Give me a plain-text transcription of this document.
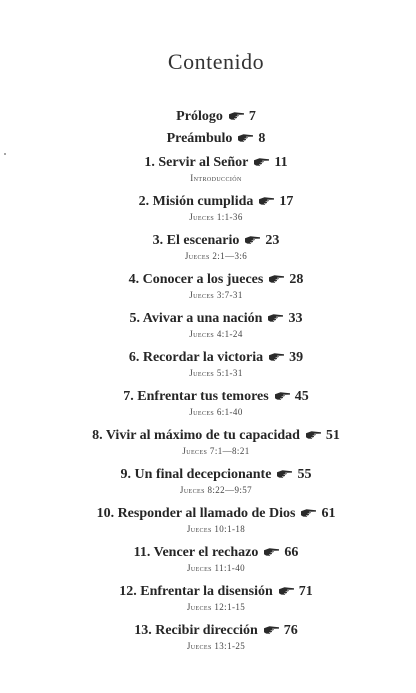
Contenido
Prólogo 7
Preámbulo 8
1. Servir al Señor 11
Introducción
2. Misión cumplida 17
Jueces 1:1-36
3. El escenario 23
Jueces 2:1—3:6
4. Conocer a los jueces 28
Jueces 3:7-31
5. Avivar a una nación 33
Jueces 4:1-24
6. Recordar la victoria 39
Jueces 5:1-31
7. Enfrentar tus temores 45
Jueces 6:1-40
8. Vivir al máximo de tu capacidad 51
Jueces 7:1—8:21
9. Un final decepcionante 55
Jueces 8:22—9:57
10. Responder al llamado de Dios 61
Jueces 10:1-18
11. Vencer el rechazo 66
Jueces 11:1-40
12. Enfrentar la disensión 71
Jueces 12:1-15
13. Recibir dirección 76
Jueces 13:1-25
